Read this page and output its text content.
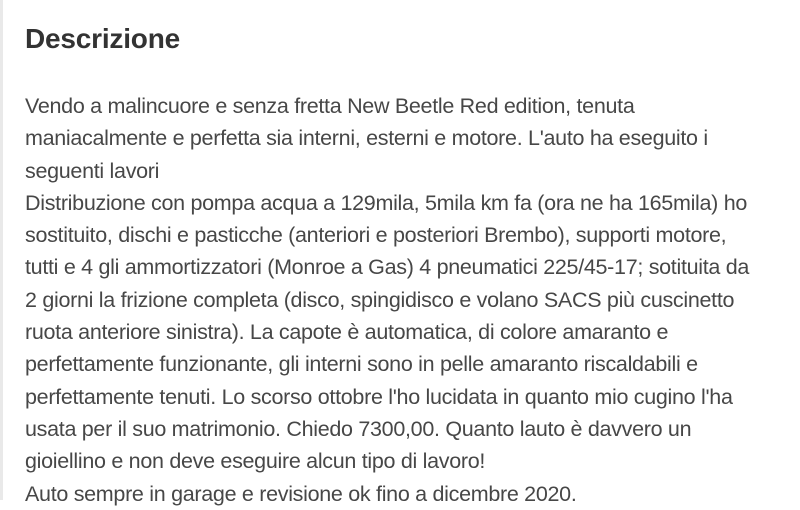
Descrizione
Vendo a malincuore e senza fretta New Beetle Red edition, tenuta
maniacalmente e perfetta sia interni, esterni e motore. L'auto ha eseguito i
seguenti lavori
Distribuzione con pompa acqua a 129mila, 5mila km fa (ora ne ha 165mila) ho
sostituito, dischi e pasticche (anteriori e posteriori Brembo), supporti motore,
tutti e 4 gli ammortizzatori (Monroe a Gas) 4 pneumatici 225/45-17; sotituita da
2 giorni la frizione completa (disco, spingidisco e volano SACS più cuscinetto
ruota anteriore sinistra). La capote è automatica, di colore amaranto e
perfettamente funzionante, gli interni sono in pelle amaranto riscaldabili e
perfettamente tenuti. Lo scorso ottobre l'ho lucidata in quanto mio cugino l'ha
usata per il suo matrimonio. Chiedo 7300,00. Quanto lauto è davvero un
gioiellino e non deve eseguire alcun tipo di lavoro!
Auto sempre in garage e revisione ok fino a dicembre 2020.
